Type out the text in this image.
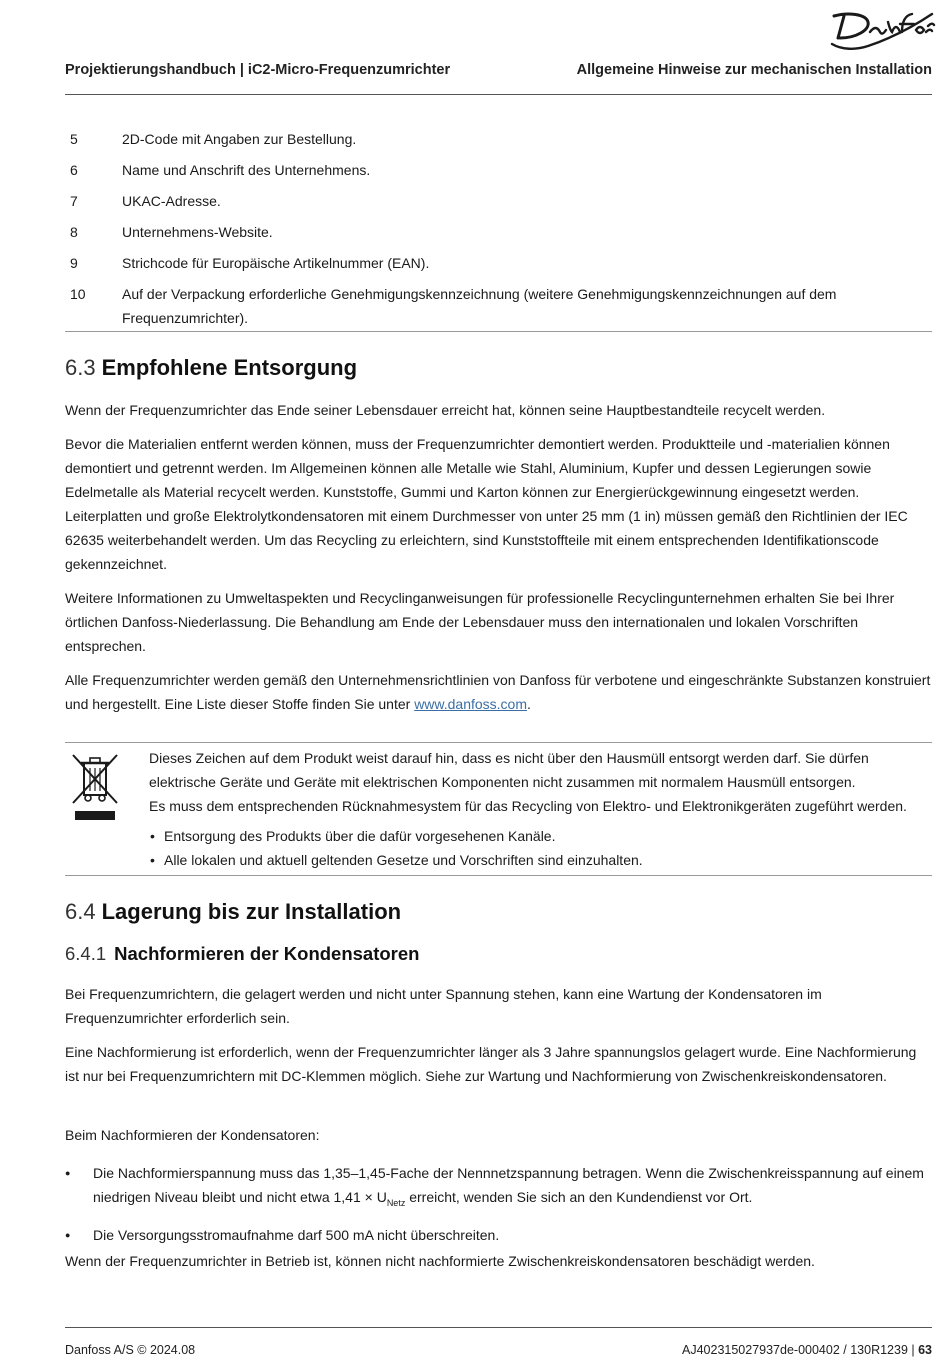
Projektierungshandbuch | iC2-Micro-Frequenzumrichter	Allgemeine Hinweise zur mechanischen Installation
5	2D-Code mit Angaben zur Bestellung.
6	Name und Anschrift des Unternehmens.
7	UKAC-Adresse.
8	Unternehmens-Website.
9	Strichcode für Europäische Artikelnummer (EAN).
10	Auf der Verpackung erforderliche Genehmigungskennzeichnung (weitere Genehmigungskennzeichnungen auf dem Frequenzumrichter).
6.3 Empfohlene Entsorgung

Wenn der Frequenzumrichter das Ende seiner Lebensdauer erreicht hat, können seine Hauptbestandteile recycelt werden.

Bevor die Materialien entfernt werden können, muss der Frequenzumrichter demontiert werden. Produktteile und -materialien können demontiert und getrennt werden. Im Allgemeinen können alle Metalle wie Stahl, Aluminium, Kupfer und dessen Legierungen sowie Edelmetalle als Material recycelt werden. Kunststoffe, Gummi und Karton können zur Energierückgewinnung eingesetzt werden. Leiterplatten und große Elektrolytkondensatoren mit einem Durchmesser von unter 25 mm (1 in) müssen gemäß den Richtlinien der IEC 62635 weiterbehandelt werden. Um das Recycling zu erleichtern, sind Kunststoffteile mit einem entsprechenden Identifikationscode gekennzeichnet.

Weitere Informationen zu Umweltaspekten und Recyclinganweisungen für professionelle Recyclingunternehmen erhalten Sie bei Ihrer örtlichen Danfoss-Niederlassung. Die Behandlung am Ende der Lebensdauer muss den internationalen und lokalen Vorschriften entsprechen.

Alle Frequenzumrichter werden gemäß den Unternehmensrichtlinien von Danfoss für verbotene und eingeschränkte Substanzen konstruiert und hergestellt. Eine Liste dieser Stoffe finden Sie unter www.danfoss.com.

Dieses Zeichen auf dem Produkt weist darauf hin, dass es nicht über den Hausmüll entsorgt werden darf. Sie dürfen elektrische Geräte und Geräte mit elektrischen Komponenten nicht zusammen mit normalem Hausmüll entsorgen.

Es muss dem entsprechenden Rücknahmesystem für das Recycling von Elektro- und Elektronikgeräten zugeführt werden.

• Entsorgung des Produkts über die dafür vorgesehenen Kanäle.
• Alle lokalen und aktuell geltenden Gesetze und Vorschriften sind einzuhalten.
6.4 Lagerung bis zur Installation
6.4.1 Nachformieren der Kondensatoren

Bei Frequenzumrichtern, die gelagert werden und nicht unter Spannung stehen, kann eine Wartung der Kondensatoren im Frequenzumrichter erforderlich sein.

Eine Nachformierung ist erforderlich, wenn der Frequenzumrichter länger als 3 Jahre spannungslos gelagert wurde. Eine Nachformierung ist nur bei Frequenzumrichtern mit DC-Klemmen möglich. Siehe zur Wartung und Nachformierung von Zwischenkreiskondensatoren.

Beim Nachformieren der Kondensatoren:

● Die Nachformierspannung muss das 1,35–1,45-Fache der Nennnetzspannung betragen. Wenn die Zwischenkreisspannung auf einem niedrigen Niveau bleibt und nicht etwa $1,41 \times U_{Netz}$ erreicht, wenden Sie sich an den Kundendienst vor Ort.
● Die Versorgungsstromaufnahme darf 500 mA nicht überschreiten.

Wenn der Frequenzumrichter in Betrieb ist, können nicht nachformierte Zwischenkreiskondensatoren beschädigt werden.

Danfoss A/S © 2024.08	AJ402315027937de-000402 / 130R1239 | 63
